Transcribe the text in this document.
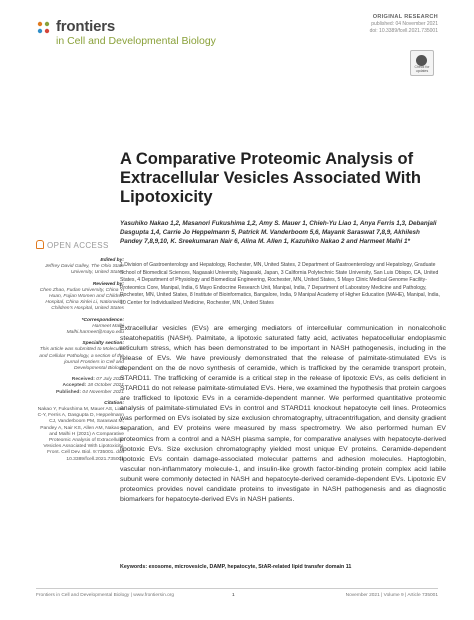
frontiers
in Cell and Developmental Biology
ORIGINAL RESEARCH
published: 04 November 2021
doi: 10.3389/fcell.2021.735001
Check for updates
A Comparative Proteomic Analysis of Extracellular Vesicles Associated With Lipotoxicity
Yasuhiko Nakao 1,2, Masanori Fukushima 1,2, Amy S. Mauer 1, Chieh-Yu Liao 1, Anya Ferris 1,3, Debanjali Dasgupta 1,4, Carrie Jo Heppelmann 5, Patrick M. Vanderboom 5,6, Mayank Saraswat 7,8,9, Akhilesh Pandey 7,8,9,10, K. Sreekumaran Nair 6, Alina M. Allen 1, Kazuhiko Nakao 2 and Harmeet Malhi 1*
1 Division of Gastroenterology and Hepatology, Rochester, MN, United States, 2 Department of Gastroenterology and Hepatology, Graduate School of Biomedical Sciences, Nagasaki University, Nagasaki, Japan, 3 California Polytechnic State University, San Luis Obispo, CA, United States, 4 Department of Physiology and Biomedical Engineering, Rochester, MN, United States, 5 Mayo Clinic Medical Genome Facility-Proteomics Core, Manipal, India, 6 Mayo Endocrine Research Unit, Manipal, India, 7 Department of Laboratory Medicine and Pathology, Rochester, MN, United States, 8 Institute of Bioinformatics, Bangalore, India, 9 Manipal Academy of Higher Education (MAHE), Manipal, India, 10 Center for Individualized Medicine, Rochester, MN, United States
OPEN ACCESS
Edited by:
Jeffrey David Galley, The Ohio State University, United States
Reviewed by:
Chen Zhao, Fudan University, China Yi Huan, Fujian Women and Children Hospital, China Xinlei Li, Nationwide Children's Hospital, United States
*Correspondence:
Harmeet Malhi
Malhi.harmeet@mayo.edu
Specialty section:
This article was submitted to Molecular and Cellular Pathology, a section of the journal Frontiers in Cell and Developmental Biology
Received: 07 July 2021
Accepted: 18 October 2021
Published: 04 November 2021
Citation:
Nakao Y, Fukushima M, Mauer AS, Liao C-Y, Ferris A, Dasgupta D, Heppelmann CJ, Vanderboom PM, Saraswat M, Pandey A, Nair KS, Allen AM, Nakao K and Malhi H (2021) A Comparative Proteomic Analysis of Extracellular Vesicles Associated With Lipotoxicity. Front. Cell Dev. Biol. 9:735001. doi: 10.3389/fcell.2021.735001
Extracellular vesicles (EVs) are emerging mediators of intercellular communication in nonalcoholic steatohepatitis (NASH). Palmitate, a lipotoxic saturated fatty acid, activates hepatocellular endoplasmic reticulum stress, which has been demonstrated to be important in NASH pathogenesis, including in the release of EVs. We have previously demonstrated that the release of palmitate-stimulated EVs is dependent on the de novo synthesis of ceramide, which is trafficked by the ceramide transport protein, STARD11. The trafficking of ceramide is a critical step in the release of lipotoxic EVs, as cells deficient in STARD11 do not release palmitate-stimulated EVs. Here, we examined the hypothesis that protein cargoes are trafficked to lipotoxic EVs in a ceramide-dependent manner. We performed quantitative proteomic analysis of palmitate-stimulated EVs in control and STARD11 knockout hepatocyte cell lines. Proteomics was performed on EVs isolated by size exclusion chromatography, ultracentrifugation, and density gradient separation, and EV proteins were measured by mass spectrometry. We also performed human EV proteomics from a control and a NASH plasma sample, for comparative analyses with hepatocyte-derived lipotoxic EVs. Size exclusion chromatography yielded most unique EV proteins. Ceramide-dependent lipotoxic EVs contain damage-associated molecular patterns and adhesion molecules. Haptoglobin, vascular non-inflammatory molecule-1, and insulin-like growth factor-binding protein complex acid labile subunit were commonly detected in NASH and hepatocyte-derived ceramide-dependent EVs. Lipotoxic EV proteomics provides novel candidate proteins to investigate in NASH pathogenesis and as diagnostic biomarkers for hepatocyte-derived EVs in NASH patients.
Keywords: exosome, microvesicle, DAMP, hepatocyte, StAR-related lipid transfer domain 11
Frontiers in Cell and Developmental Biology | www.frontiersin.org	1	November 2021 | Volume 9 | Article 735001
